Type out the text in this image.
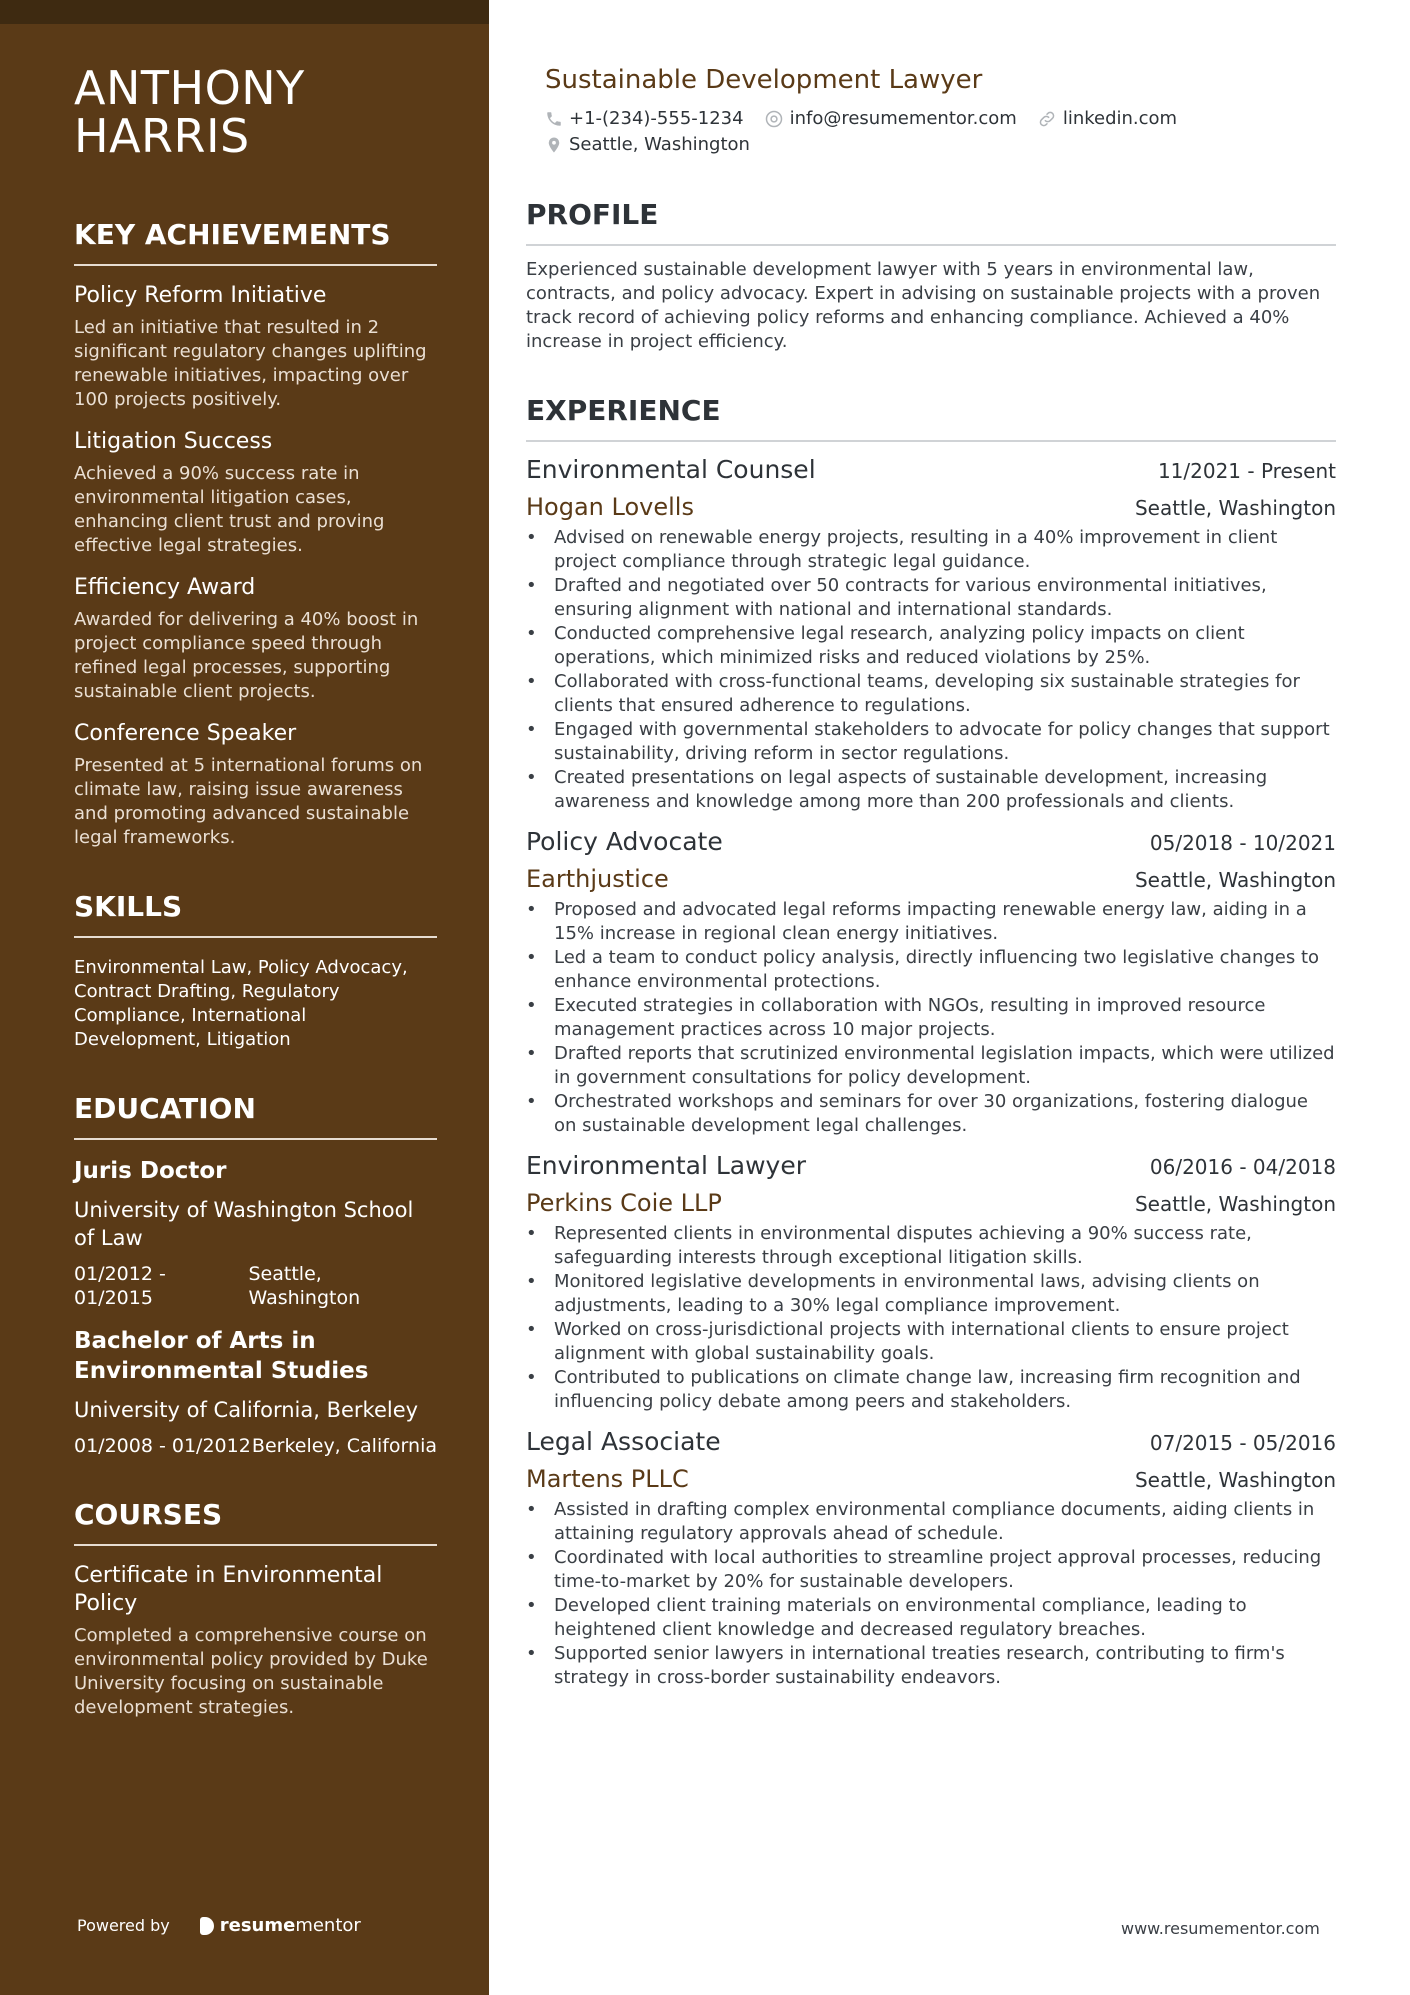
ANTHONY
HARRIS
KEY ACHIEVEMENTS
Policy Reform Initiative
Led an initiative that resulted in 2 significant regulatory changes uplifting renewable initiatives, impacting over 100 projects positively.
Litigation Success
Achieved a 90% success rate in environmental litigation cases, enhancing client trust and proving effective legal strategies.
Efficiency Award
Awarded for delivering a 40% boost in project compliance speed through refined legal processes, supporting sustainable client projects.
Conference Speaker
Presented at 5 international forums on climate law, raising issue awareness and promoting advanced sustainable legal frameworks.
SKILLS
Environmental Law, Policy Advocacy, Contract Drafting, Regulatory Compliance, International Development, Litigation
EDUCATION
Juris Doctor
University of Washington School of Law
01/2012 - 01/2015
Seattle, Washington
Bachelor of Arts in Environmental Studies
University of California, Berkeley
01/2008 - 01/2012 Berkeley, California
COURSES
Certificate in Environmental Policy
Completed a comprehensive course on environmental policy provided by Duke University focusing on sustainable development strategies.
Powered by	resumementor
Sustainable Development Lawyer
+1-(234)-555-1234	info@resumementor.com	linkedin.com
Seattle, Washington
PROFILE
Experienced sustainable development lawyer with 5 years in environmental law, contracts, and policy advocacy. Expert in advising on sustainable projects with a proven track record of achieving policy reforms and enhancing compliance. Achieved a 40% increase in project efficiency.
EXPERIENCE
Environmental Counsel	11/2021 - Present
Hogan Lovells	Seattle, Washington
• Advised on renewable energy projects, resulting in a 40% improvement in client project compliance through strategic legal guidance.
• Drafted and negotiated over 50 contracts for various environmental initiatives, ensuring alignment with national and international standards.
• Conducted comprehensive legal research, analyzing policy impacts on client operations, which minimized risks and reduced violations by 25%.
• Collaborated with cross-functional teams, developing six sustainable strategies for clients that ensured adherence to regulations.
• Engaged with governmental stakeholders to advocate for policy changes that support sustainability, driving reform in sector regulations.
• Created presentations on legal aspects of sustainable development, increasing awareness and knowledge among more than 200 professionals and clients.
Policy Advocate	05/2018 - 10/2021
Earthjustice	Seattle, Washington
• Proposed and advocated legal reforms impacting renewable energy law, aiding in a 15% increase in regional clean energy initiatives.
• Led a team to conduct policy analysis, directly influencing two legislative changes to enhance environmental protections.
• Executed strategies in collaboration with NGOs, resulting in improved resource management practices across 10 major projects.
• Drafted reports that scrutinized environmental legislation impacts, which were utilized in government consultations for policy development.
• Orchestrated workshops and seminars for over 30 organizations, fostering dialogue on sustainable development legal challenges.
Environmental Lawyer	06/2016 - 04/2018
Perkins Coie LLP	Seattle, Washington
• Represented clients in environmental disputes achieving a 90% success rate, safeguarding interests through exceptional litigation skills.
• Monitored legislative developments in environmental laws, advising clients on adjustments, leading to a 30% legal compliance improvement.
• Worked on cross-jurisdictional projects with international clients to ensure project alignment with global sustainability goals.
• Contributed to publications on climate change law, increasing firm recognition and influencing policy debate among peers and stakeholders.
Legal Associate	07/2015 - 05/2016
Martens PLLC	Seattle, Washington
• Assisted in drafting complex environmental compliance documents, aiding clients in attaining regulatory approvals ahead of schedule.
• Coordinated with local authorities to streamline project approval processes, reducing time-to-market by 20% for sustainable developers.
• Developed client training materials on environmental compliance, leading to heightened client knowledge and decreased regulatory breaches.
• Supported senior lawyers in international treaties research, contributing to firm's strategy in cross-border sustainability endeavors.
www.resumementor.com
